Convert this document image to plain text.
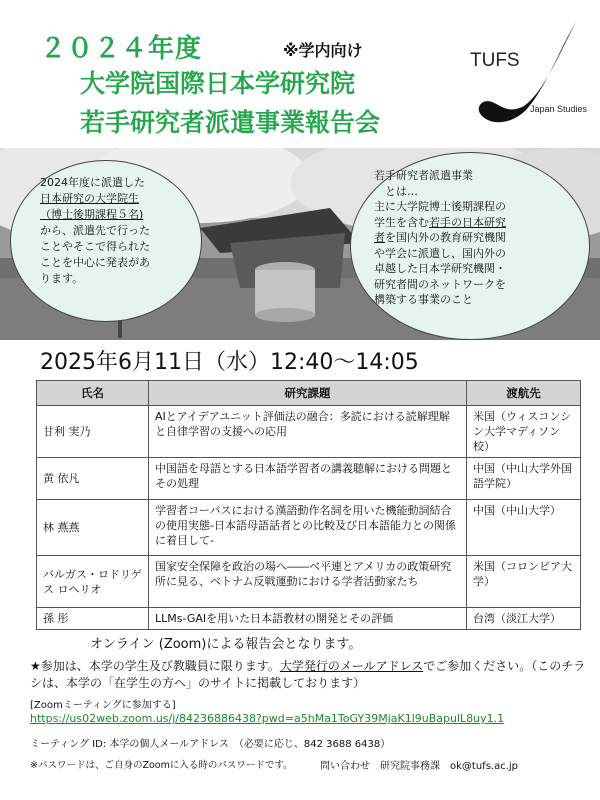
２０２４年度	※学内向け
大学院国際日本学研究院
若手研究者派遣事業報告会
TUFS
Japan Studies
2024年度に派遣した
日本研究の大学院生
（博士後期課程５名)
から、派遣先で行った
ことやそこで得られた
ことを中心に発表があ
ります。
若手研究者派遣事業
　とは…
主に大学院博士後期課程の
学生を含む若手の日本研究
者を国内外の教育研究機関
や学会に派遣し、国内外の
卓越した日本学研究機関・
研究者間のネットワークを
構築する事業のこと
2025年6月11日（水）12:40～14:05
氏名	研究課題	渡航先
甘利 実乃	AIとアイデアユニット評価法の融合：多読における読解理解と自律学習の支援への応用	米国（ウィスコンシン大学マディソン校）
黄 依凡	中国語を母語とする日本語学習者の講義聴解における問題とその処理	中国（中山大学外国語学院）
林 燕燕	学習者コーパスにおける漢語動作名詞を用いた機能動詞結合の使用実態-日本語母語話者との比較及び日本語能力との関係に着目して-	中国（中山大学）
バルガス・ロドリゲス ロヘリオ	国家安全保障を政治の場へ――ベ平連とアメリカの政策研究所に見る、ベトナム反戦運動における学者活動家たち	米国（コロンビア大学）
孫 彤	LLMs-GAIを用いた日本語教材の開発とその評価	台湾（淡江大学）
オンライン (Zoom)による報告会となります。
★参加は、本学の学生及び教職員に限ります。大学発行のメールアドレスでご参加ください。（このチラシは、本学の「在学生の方へ」のサイトに掲載しております）
[Zoomミーティングに参加する]
https://us02web.zoom.us/j/84236886438?pwd=a5hMa1ToGY39MjaK1l9uBapulL8uy1.1
ミーティング ID: 本学の個人メールアドレス　（必要に応じ、842 3688 6438）
※パスワードは、ご自身のZoomに入る時のパスワードです。	問い合わせ　研究院事務課　ok@tufs.ac.jp
